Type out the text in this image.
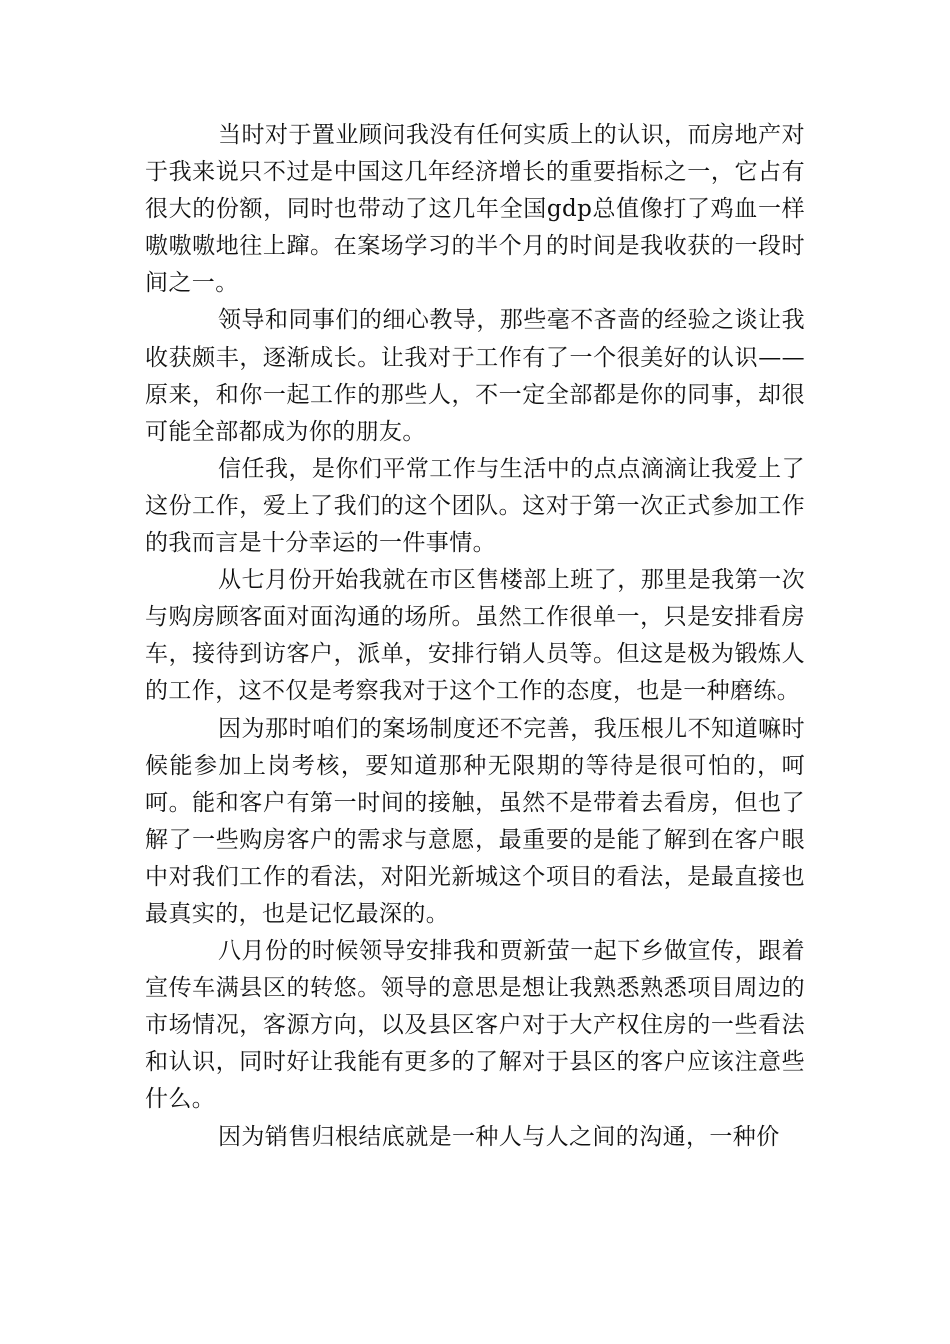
当时对于置业顾问我没有任何实质上的认识，而房地产对于我来说只不过是中国这几年经济增长的重要指标之一，它占有很大的份额，同时也带动了这几年全国gdp总值像打了鸡血一样嗷嗷嗷地往上蹿。在案场学习的半个月的时间是我收获的一段时间之一。

领导和同事们的细心教导，那些毫不吝啬的经验之谈让我收获颇丰，逐渐成长。让我对于工作有了一个很美好的认识——原来，和你一起工作的那些人，不一定全部都是你的同事，却很可能全部都成为你的朋友。

信任我，是你们平常工作与生活中的点点滴滴让我爱上了这份工作，爱上了我们的这个团队。这对于第一次正式参加工作的我而言是十分幸运的一件事情。

从七月份开始我就在市区售楼部上班了，那里是我第一次与购房顾客面对面沟通的场所。虽然工作很单一，只是安排看房车，接待到访客户，派单，安排行销人员等。但这是极为锻炼人的工作，这不仅是考察我对于这个工作的态度，也是一种磨练。

因为那时咱们的案场制度还不完善，我压根儿不知道嘛时候能参加上岗考核，要知道那种无限期的等待是很可怕的，呵呵。能和客户有第一时间的接触，虽然不是带着去看房，但也了解了一些购房客户的需求与意愿，最重要的是能了解到在客户眼中对我们工作的看法，对阳光新城这个项目的看法，是最直接也最真实的，也是记忆最深的。

八月份的时候领导安排我和贾新萤一起下乡做宣传，跟着宣传车满县区的转悠。领导的意思是想让我熟悉熟悉项目周边的市场情况，客源方向，以及县区客户对于大产权住房的一些看法和认识，同时好让我能有更多的了解对于县区的客户应该注意些什么。

因为销售归根结底就是一种人与人之间的沟通，一种价
